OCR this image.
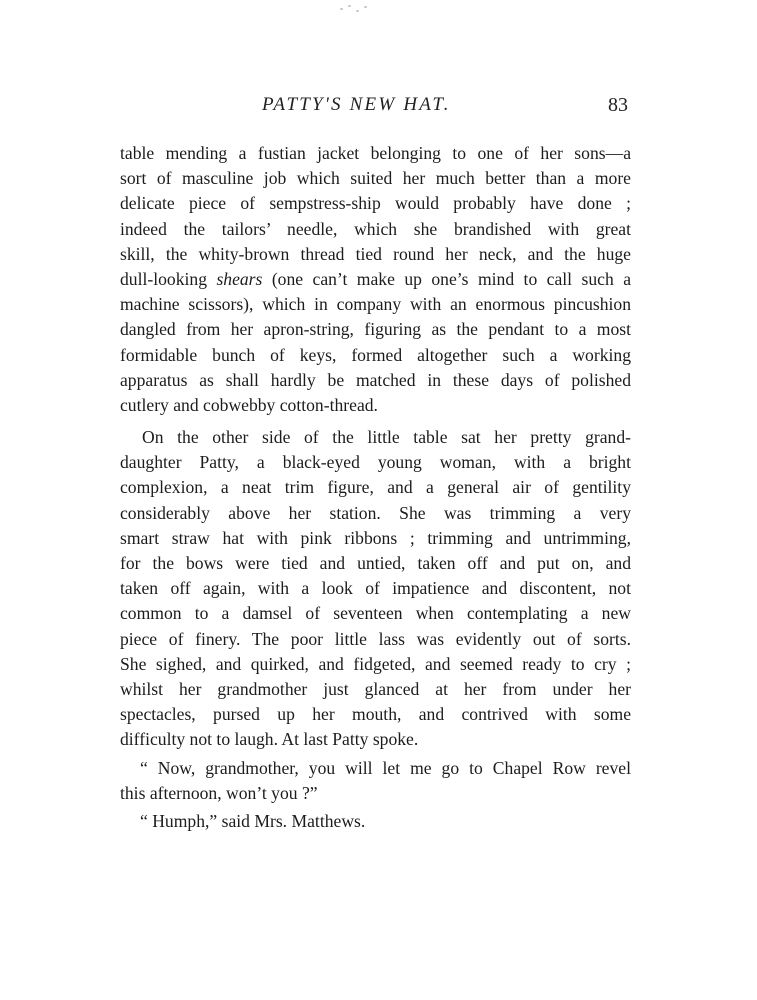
PATTY'S NEW HAT.	83
table mending a fustian jacket belonging to one of her sons—a
sort of masculine job which suited her much better than a more
delicate piece of sempstress-ship would probably have done ;
indeed the tailors’ needle, which she brandished with great
skill, the whity-brown thread tied round her neck, and the huge
dull-looking shears (one can’t make up one’s mind to call such a
machine scissors), which in company with an enormous pincushion
dangled from her apron-string, figuring as the pendant to a most
formidable bunch of keys, formed altogether such a working
apparatus as shall hardly be matched in these days of polished
cutlery and cobwebby cotton-thread.
On the other side of the little table sat her pretty grand-
daughter Patty, a black-eyed young woman, with a bright
complexion, a neat trim figure, and a general air of gentility
considerably above her station. She was trimming a very
smart straw hat with pink ribbons ; trimming and untrimming,
for the bows were tied and untied, taken off and put on, and
taken off again, with a look of impatience and discontent, not
common to a damsel of seventeen when contemplating a new
piece of finery. The poor little lass was evidently out of sorts.
She sighed, and quirked, and fidgeted, and seemed ready to cry ;
whilst her grandmother just glanced at her from under her
spectacles, pursed up her mouth, and contrived with some
difficulty not to laugh. At last Patty spoke.
“ Now, grandmother, you will let me go to Chapel Row revel
this afternoon, won’t you ?”
“ Humph,” said Mrs. Matthews.
